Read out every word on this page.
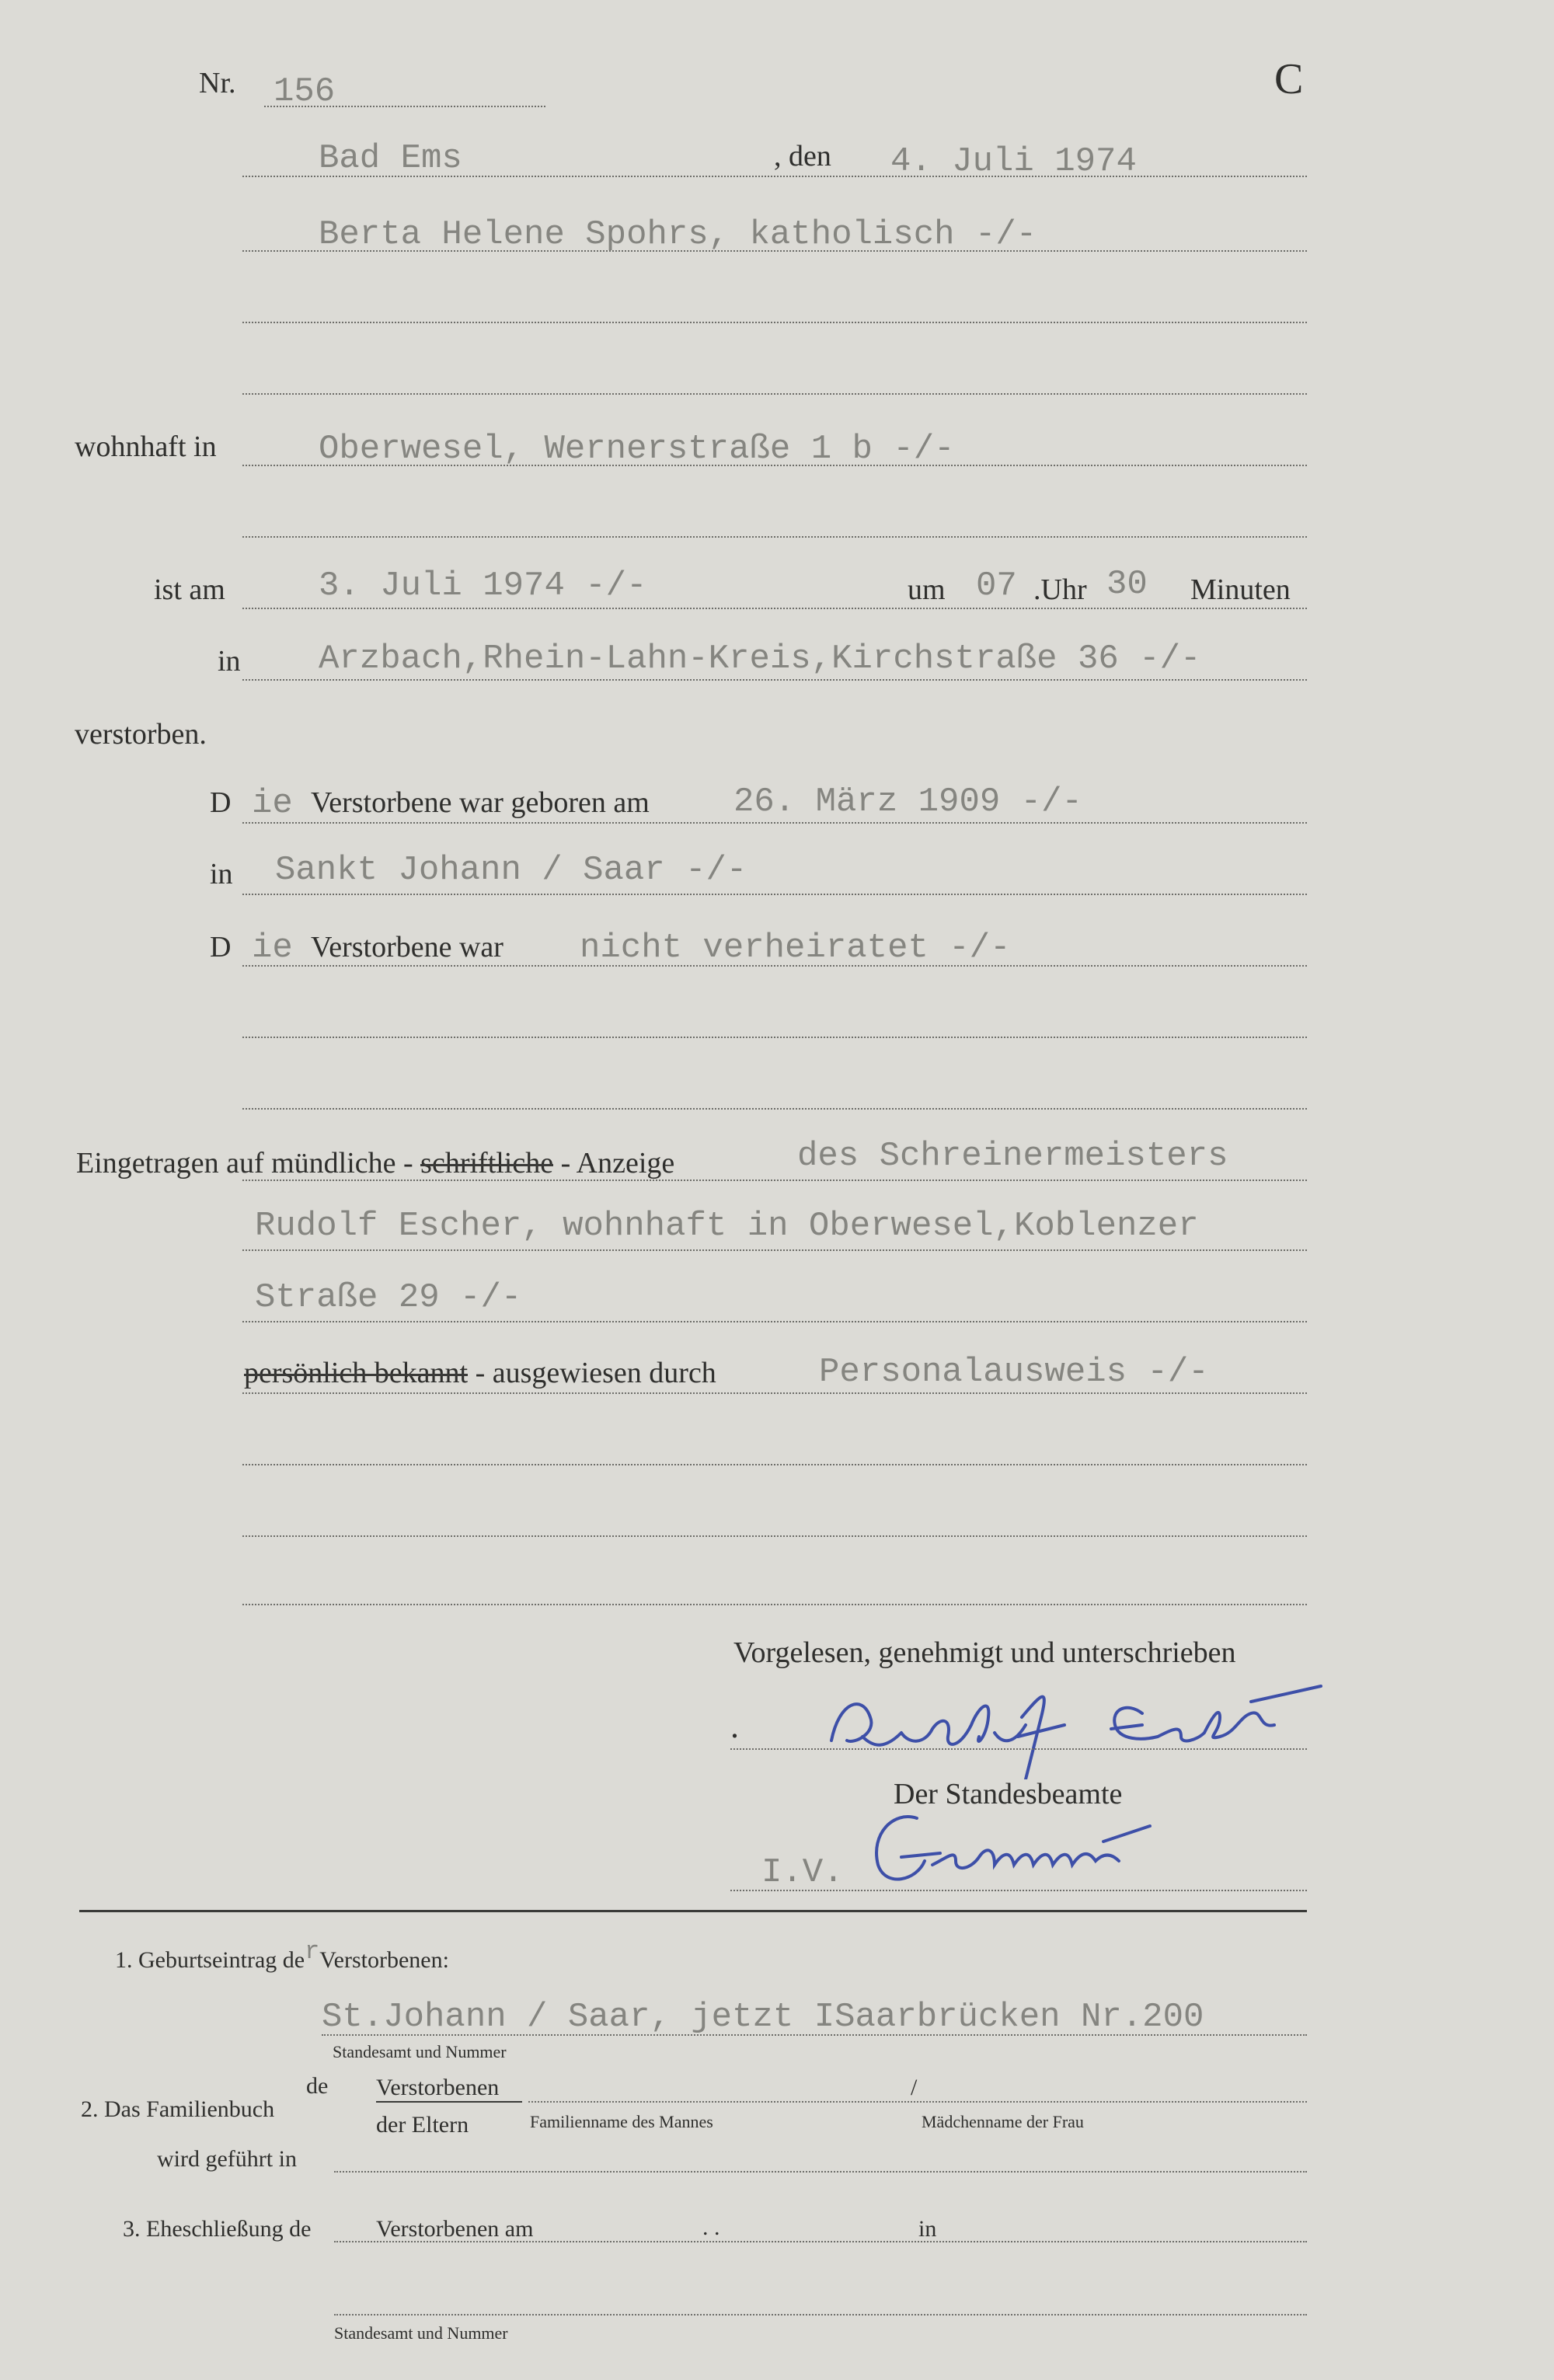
Nr. 156	C
Bad Ems	, den 4. Juli 1974
Berta Helene Spohrs, katholisch -/-
wohnhaft in	Oberwesel, Wernerstraße 1 b -/-
ist am	3. Juli 1974 -/-	um 07 .Uhr 30 Minuten
in Arzbach,Rhein-Lahn-Kreis,Kirchstraße 36 -/-
verstorben.
D ie Verstorbene war geboren am 26. März 1909 -/-
in Sankt Johann / Saar -/-
D ie Verstorbene war nicht verheiratet -/-
Eingetragen auf mündliche - schriftliche - Anzeige	des Schreinermeisters
Rudolf Escher, wohnhaft in Oberwesel,Koblenzer
Straße 29 -/-
persönlich bekannt - ausgewiesen durch	Personalausweis -/-
Vorgelesen, genehmigt und unterschrieben
.
Der Standesbeamte
I.V.
1. Geburtseintrag derVerstorbenen:
St.Johann / Saar, jetzt ISaarbrücken Nr.200
Standesamt und Nummer
de Verstorbenen
2. Das Familienbuch
der Eltern
/
Familienname des Mannes	Mädchenname der Frau
wird geführt in
3. Eheschließung de	Verstorbenen am	. .	in
Standesamt und Nummer
